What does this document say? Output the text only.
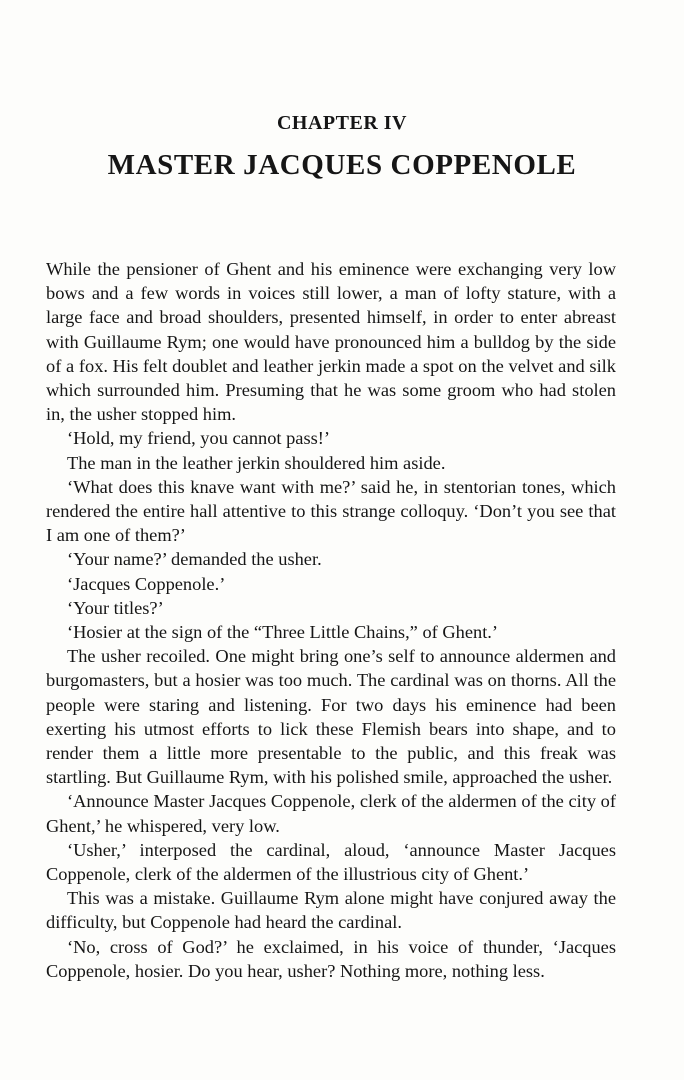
CHAPTER IV
MASTER JACQUES COPPENOLE

While the pensioner of Ghent and his eminence were exchanging very low bows and a few words in voices still lower, a man of lofty stature, with a large face and broad shoulders, presented himself, in order to enter abreast with Guillaume Rym; one would have pronounced him a bulldog by the side of a fox. His felt doublet and leather jerkin made a spot on the velvet and silk which surrounded him. Presuming that he was some groom who had stolen in, the usher stopped him.

‘Hold, my friend, you cannot pass!’

The man in the leather jerkin shouldered him aside.

‘What does this knave want with me?’ said he, in stentorian tones, which rendered the entire hall attentive to this strange colloquy. ‘Don’t you see that I am one of them?’

‘Your name?’ demanded the usher.

‘Jacques Coppenole.’

‘Your titles?’

‘Hosier at the sign of the “Three Little Chains,” of Ghent.’

The usher recoiled. One might bring one’s self to announce aldermen and burgomasters, but a hosier was too much. The cardinal was on thorns. All the people were staring and listening. For two days his eminence had been exerting his utmost efforts to lick these Flemish bears into shape, and to render them a little more presentable to the public, and this freak was startling. But Guillaume Rym, with his polished smile, approached the usher.

‘Announce Master Jacques Coppenole, clerk of the aldermen of the city of Ghent,’ he whispered, very low.

‘Usher,’ interposed the cardinal, aloud, ‘announce Master Jacques Coppenole, clerk of the aldermen of the illustrious city of Ghent.’

This was a mistake. Guillaume Rym alone might have conjured away the difficulty, but Coppenole had heard the cardinal.

‘No, cross of God?’ he exclaimed, in his voice of thunder, ‘Jacques Coppenole, hosier. Do you hear, usher? Nothing more, nothing less.
